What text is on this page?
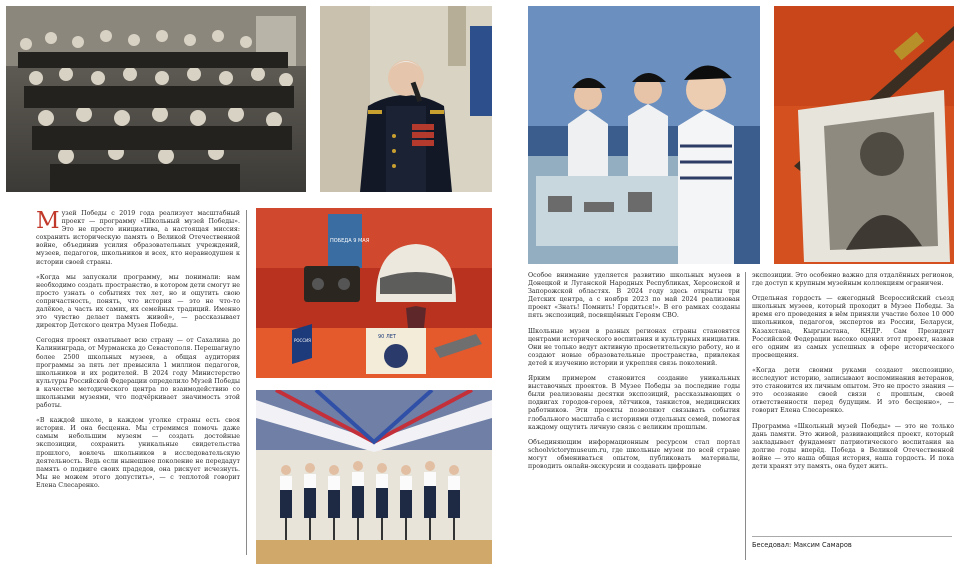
ПОБЕДА 9 МАЯ
РОССИЯ
90 ЛЕТ

Музей Победы с 2019 года реализует масштабный проект — программу «Школьный музей Победы». Это не просто инициатива, а настоящая миссия: сохранить историческую память о Великой Отечественной войне, объединив усилия образовательных учреждений, музеев, педагогов, школьников и всех, кто неравнодушен к истории своей страны.

«Когда мы запускали программу, мы понимали: нам необходимо создать пространство, в котором дети смогут не просто узнать о событиях тех лет, но и ощутить свою сопричастность, понять, что история — это не что-то далёкое, а часть их самих, их семейных традиций. Именно это чувство делает память живой», — рассказывает директор Детского центра Музея Победы.

Сегодня проект охватывает всю страну — от Сахалина до Калининграда, от Мурманска до Севастополя. Перешагнуло более 2500 школьных музеев, а общая аудитория программы за пять лет превысила 1 миллион педагогов, школьников и их родителей. В 2024 году Министерство культуры Российской Федерации определило Музей Победы в качестве методического центра по взаимодействию со школьными музеями, что подчёркивает значимость этой работы.

«В каждой школе, в каждом уголке страны есть своя история. И она бесценна. Мы стремимся помочь даже самым небольшим музеям — создать достойные экспозиции, сохранить уникальные свидетельства прошлого, вовлечь школьников в исследовательскую деятельность. Ведь если нынешнее поколение не передадут память о подвиге своих прадедов, она рискует исчезнуть. Мы не можем этого допустить», — с теплотой говорит Елена Слесаренко.

Особое внимание уделяется развитию школьных музеев в Донецкой и Луганской Народных Республиках, Херсонской и Запорожской областях. В 2024 году здесь открыты три Детских центра, а с ноября 2023 по май 2024 реализован проект «Знать! Помнить! Гордиться!». В его рамках созданы пять экспозиций, посвящённых Героям СВО.

Школьные музеи в разных регионах страны становятся центрами исторического воспитания и культурных инициатив. Они не только ведут активную просветительскую работу, но и создают новые образовательные пространства, привлекая детей к изучению истории и укрепляя связь поколений.

Ярким примером становится создание уникальных выставочных проектов. В Музее Победы за последние годы были реализованы десятки экспозиций, рассказывающих о подвигах городов-героев, лётчиков, танкистов, медицинских работников. Эти проекты позволяют связывать события глобального масштаба с историями отдельных семей, помогая каждому ощутить личную связь с великим прошлым.

Объединяющим информационным ресурсом стал портал schoolvictorymuseum.ru, где школьные музеи по всей стране могут обмениваться опытом, публиковать материалы, проводить онлайн-экскурсии и создавать цифровые

экспозиции. Это особенно важно для отдалённых регионов, где доступ к крупным музейным коллекциям ограничен.

Отдельная гордость — ежегодный Всероссийский съезд школьных музеев, который проходит в Музее Победы. За время его проведения в нём приняли участие более 10 000 школьников, педагогов, экспертов из России, Беларуси, Казахстана, Кыргызстана, КНДР. Сам Президент Российской Федерации высоко оценил этот проект, назвав его одним из самых успешных в сфере исторического просвещения.

«Когда дети своими руками создают экспозицию, исследуют историю, записывают воспоминания ветеранов, это становится их личным опытом. Это не просто знания — это осознание своей связи с прошлым, своей ответственности перед будущим. И это бесценно», — говорит Елена Слесаренко.

Программа «Школьный музей Победы» — это не только дань памяти. Это живой, развивающийся проект, который закладывает фундамент патриотического воспитания на долгие годы вперёд. Победа в Великой Отечественной войне — это наша общая история, наша гордость. И пока дети хранят эту память, она будет жить.

Беседовал: Максим Самаров
